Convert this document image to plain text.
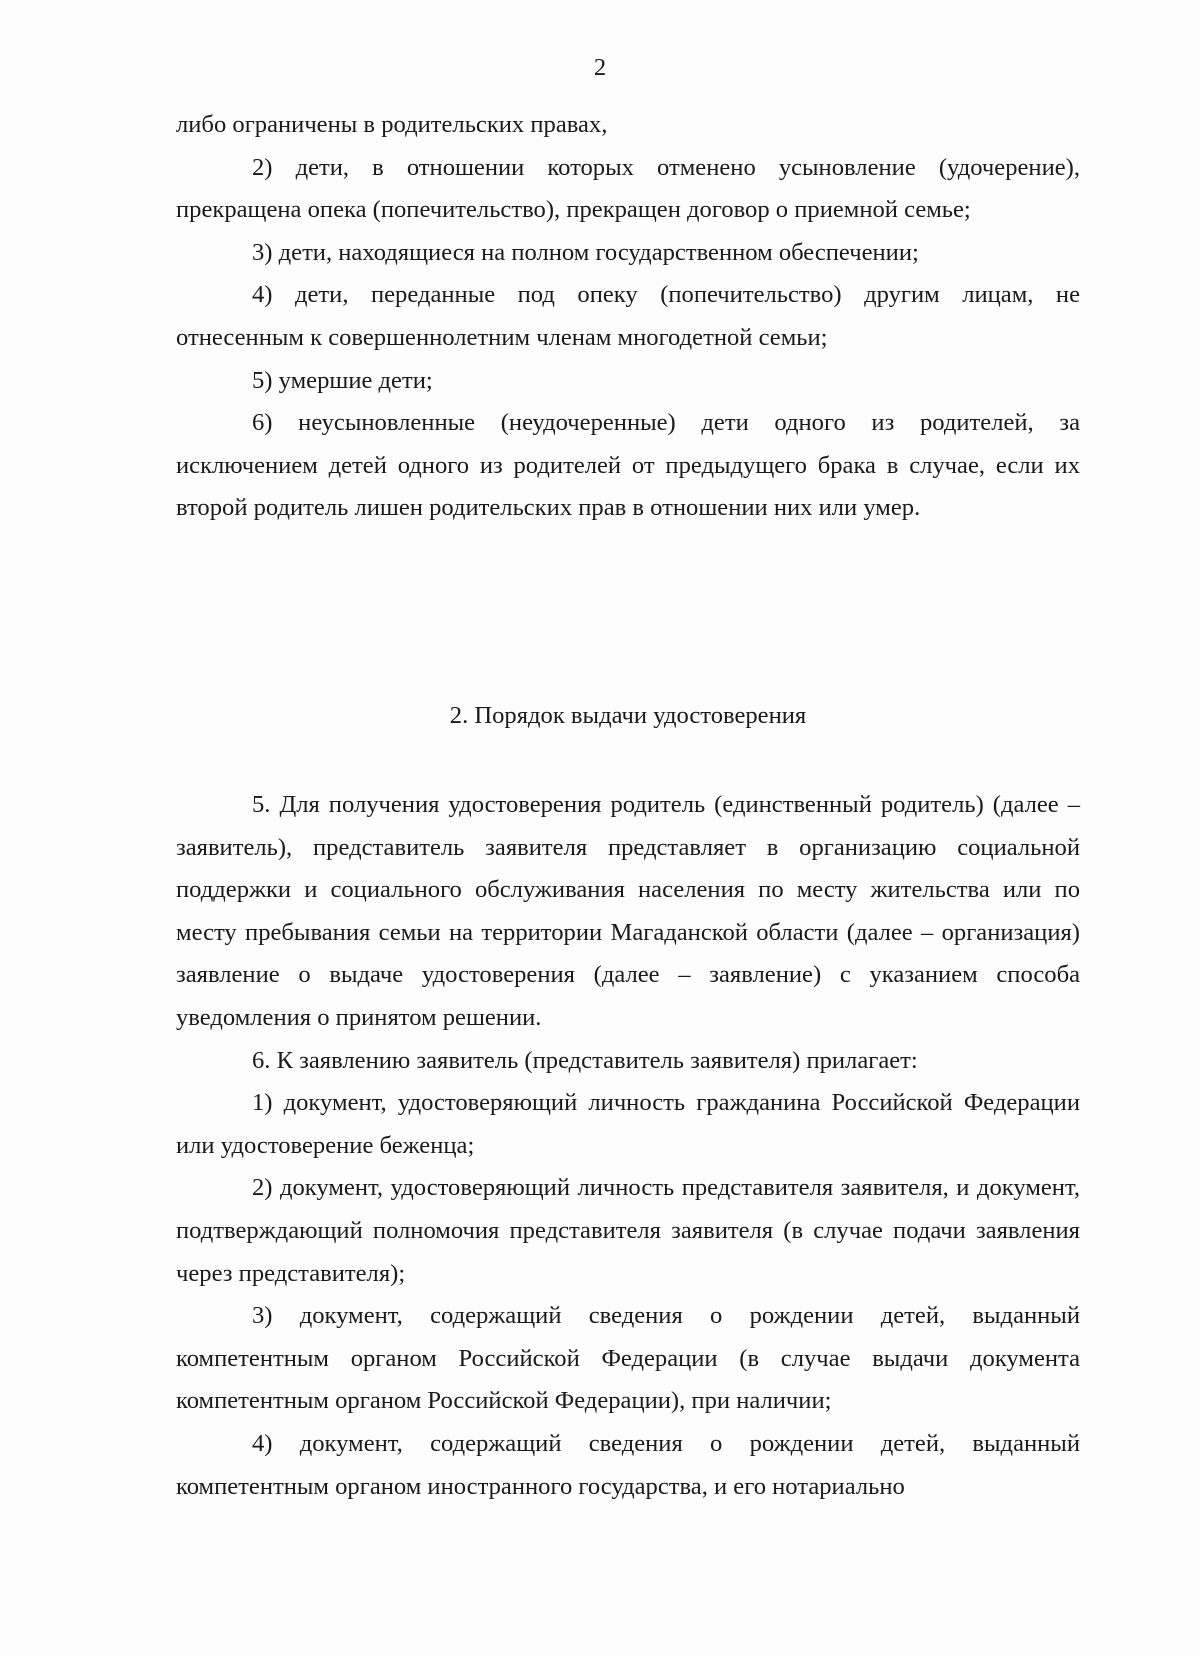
2

либо ограничены в родительских правах,

2) дети, в отношении которых отменено усыновление (удочерение), прекращена опека (попечительство), прекращен договор о приемной семье;

3) дети, находящиеся на полном государственном обеспечении;

4) дети, переданные под опеку (попечительство) другим лицам, не отнесенным к совершеннолетним членам многодетной семьи;

5) умершие дети;

6) неусыновленные (неудочеренные) дети одного из родителей, за исключением детей одного из родителей от предыдущего брака в случае, если их второй родитель лишен родительских прав в отношении них или умер.

2. Порядок выдачи удостоверения

5. Для получения удостоверения родитель (единственный родитель) (далее – заявитель), представитель заявителя представляет в организацию социальной поддержки и социального обслуживания населения по месту жительства или по месту пребывания семьи на территории Магаданской области (далее – организация) заявление о выдаче удостоверения (далее – заявление) с указанием способа уведомления о принятом решении.

6. К заявлению заявитель (представитель заявителя) прилагает:

1) документ, удостоверяющий личность гражданина Российской Федерации или удостоверение беженца;

2) документ, удостоверяющий личность представителя заявителя, и документ, подтверждающий полномочия представителя заявителя (в случае подачи заявления через представителя);

3) документ, содержащий сведения о рождении детей, выданный компетентным органом Российской Федерации (в случае выдачи документа компетентным органом Российской Федерации), при наличии;

4) документ, содержащий сведения о рождении детей, выданный компетентным органом иностранного государства, и его нотариально
